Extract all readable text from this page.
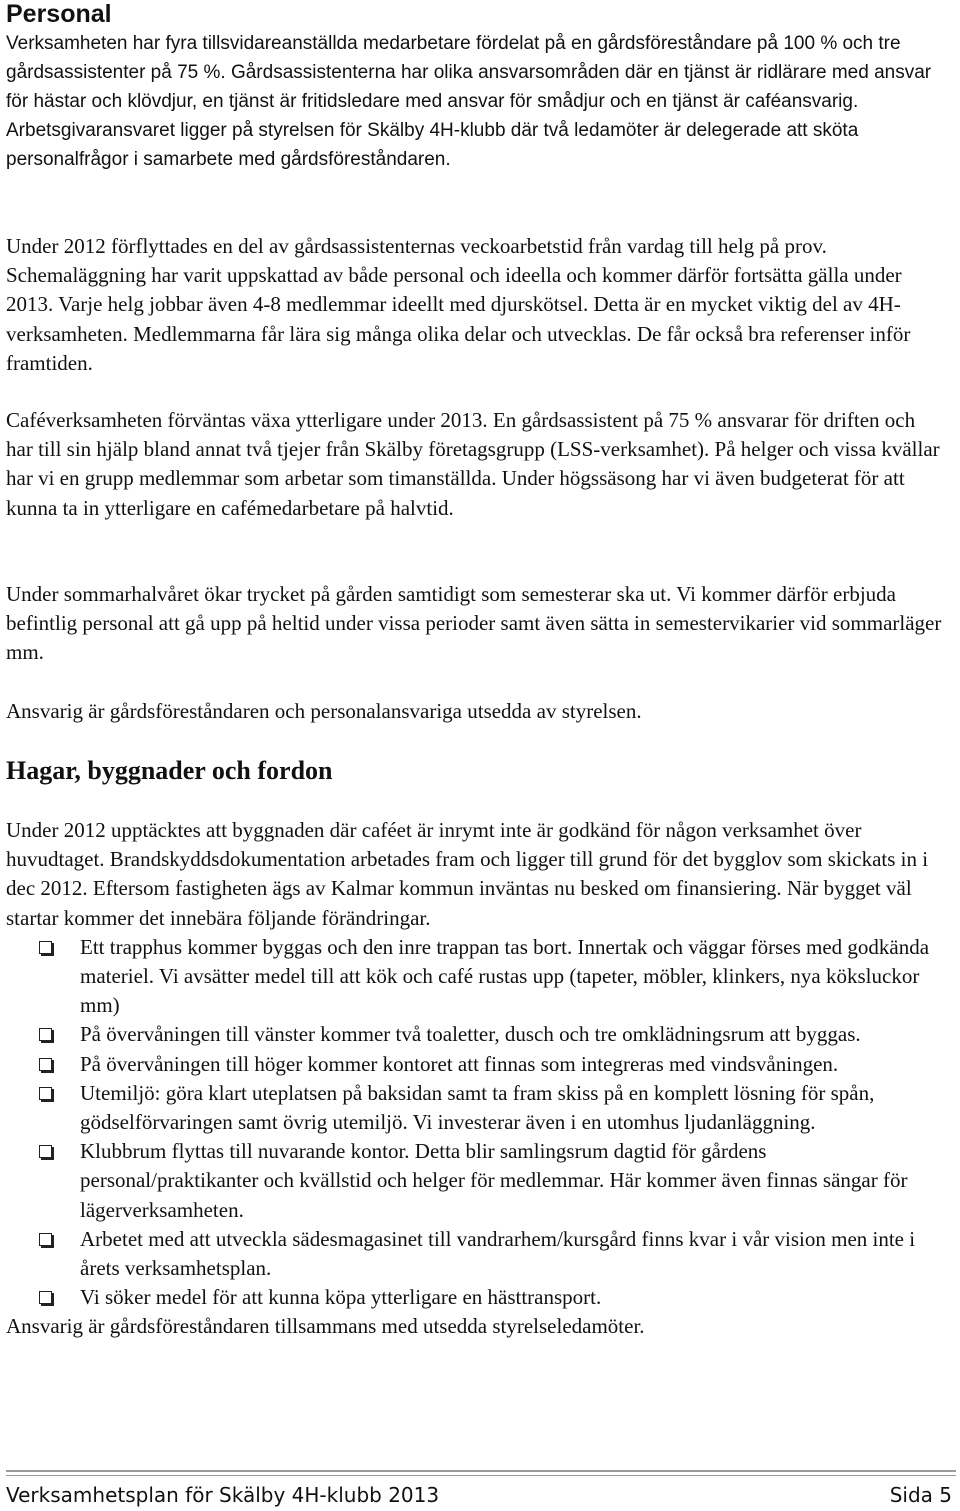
Personal

Verksamheten har fyra tillsvidareanställda medarbetare fördelat på en gårdsföreståndare på 100 % och tre gårdsassistenter på 75 %. Gårdsassistenterna har olika ansvarsområden där en tjänst är ridlärare med ansvar för hästar och klövdjur, en tjänst är fritidsledare med ansvar för smådjur och en tjänst är caféansvarig. Arbetsgivaransvaret ligger på styrelsen för Skälby 4H-klubb där två ledamöter är delegerade att sköta personalfrågor i samarbete med gårdsföreståndaren.

Under 2012 förflyttades en del av gårdsassistenternas veckoarbetstid från vardag till helg på prov. Schemaläggning har varit uppskattad av både personal och ideella och kommer därför fortsätta gälla under 2013. Varje helg jobbar även 4-8 medlemmar ideellt med djurskötsel. Detta är en mycket viktig del av 4H-verksamheten. Medlemmarna får lära sig många olika delar och utvecklas. De får också bra referenser inför framtiden.

Caféverksamheten förväntas växa ytterligare under 2013. En gårdsassistent på 75 % ansvarar för driften och har till sin hjälp bland annat två tjejer från Skälby företagsgrupp (LSS-verksamhet). På helger och vissa kvällar har vi en grupp medlemmar som arbetar som timanställda. Under högssäsong har vi även budgeterat för att kunna ta in ytterligare en cafémedarbetare på halvtid.

Under sommarhalvåret ökar trycket på gården samtidigt som semesterar ska ut. Vi kommer därför erbjuda befintlig personal att gå upp på heltid under vissa perioder samt även sätta in semestervikarier vid sommarläger mm.

Ansvarig är gårdsföreståndaren och personalansvariga utsedda av styrelsen.

Hagar, byggnader och fordon

Under 2012 upptäcktes att byggnaden där caféet är inrymt inte är godkänd för någon verksamhet över huvudtaget. Brandskyddsdokumentation arbetades fram och ligger till grund för det bygglov som skickats in i dec 2012. Eftersom fastigheten ägs av Kalmar kommun inväntas nu besked om finansiering. När bygget väl startar kommer det innebära följande förändringar.

Ett trapphus kommer byggas och den inre trappan tas bort. Innertak och väggar förses med godkända materiel. Vi avsätter medel till att kök och café rustas upp (tapeter, möbler, klinkers, nya köksluckor mm)
På övervåningen till vänster kommer två toaletter, dusch och tre omklädningsrum att byggas.
På övervåningen till höger kommer kontoret att finnas som integreras med vindsvåningen.
Utemiljö: göra klart uteplatsen på baksidan samt ta fram skiss på en komplett lösning för spån, gödselförvaringen samt övrig utemiljö. Vi investerar även i en utomhus ljudanläggning.
Klubbrum flyttas till nuvarande kontor. Detta blir samlingsrum dagtid för gårdens personal/praktikanter och kvällstid och helger för medlemmar. Här kommer även finnas sängar för lägerverksamheten.
Arbetet med att utveckla sädesmagasinet till vandrarhem/kursgård finns kvar i vår vision men inte i årets verksamhetsplan.
Vi söker medel för att kunna köpa ytterligare en hästtransport.

Ansvarig är gårdsföreståndaren tillsammans med utsedda styrelseledamöter.

Verksamhetsplan för Skälby 4H-klubb 2013	Sida 5
